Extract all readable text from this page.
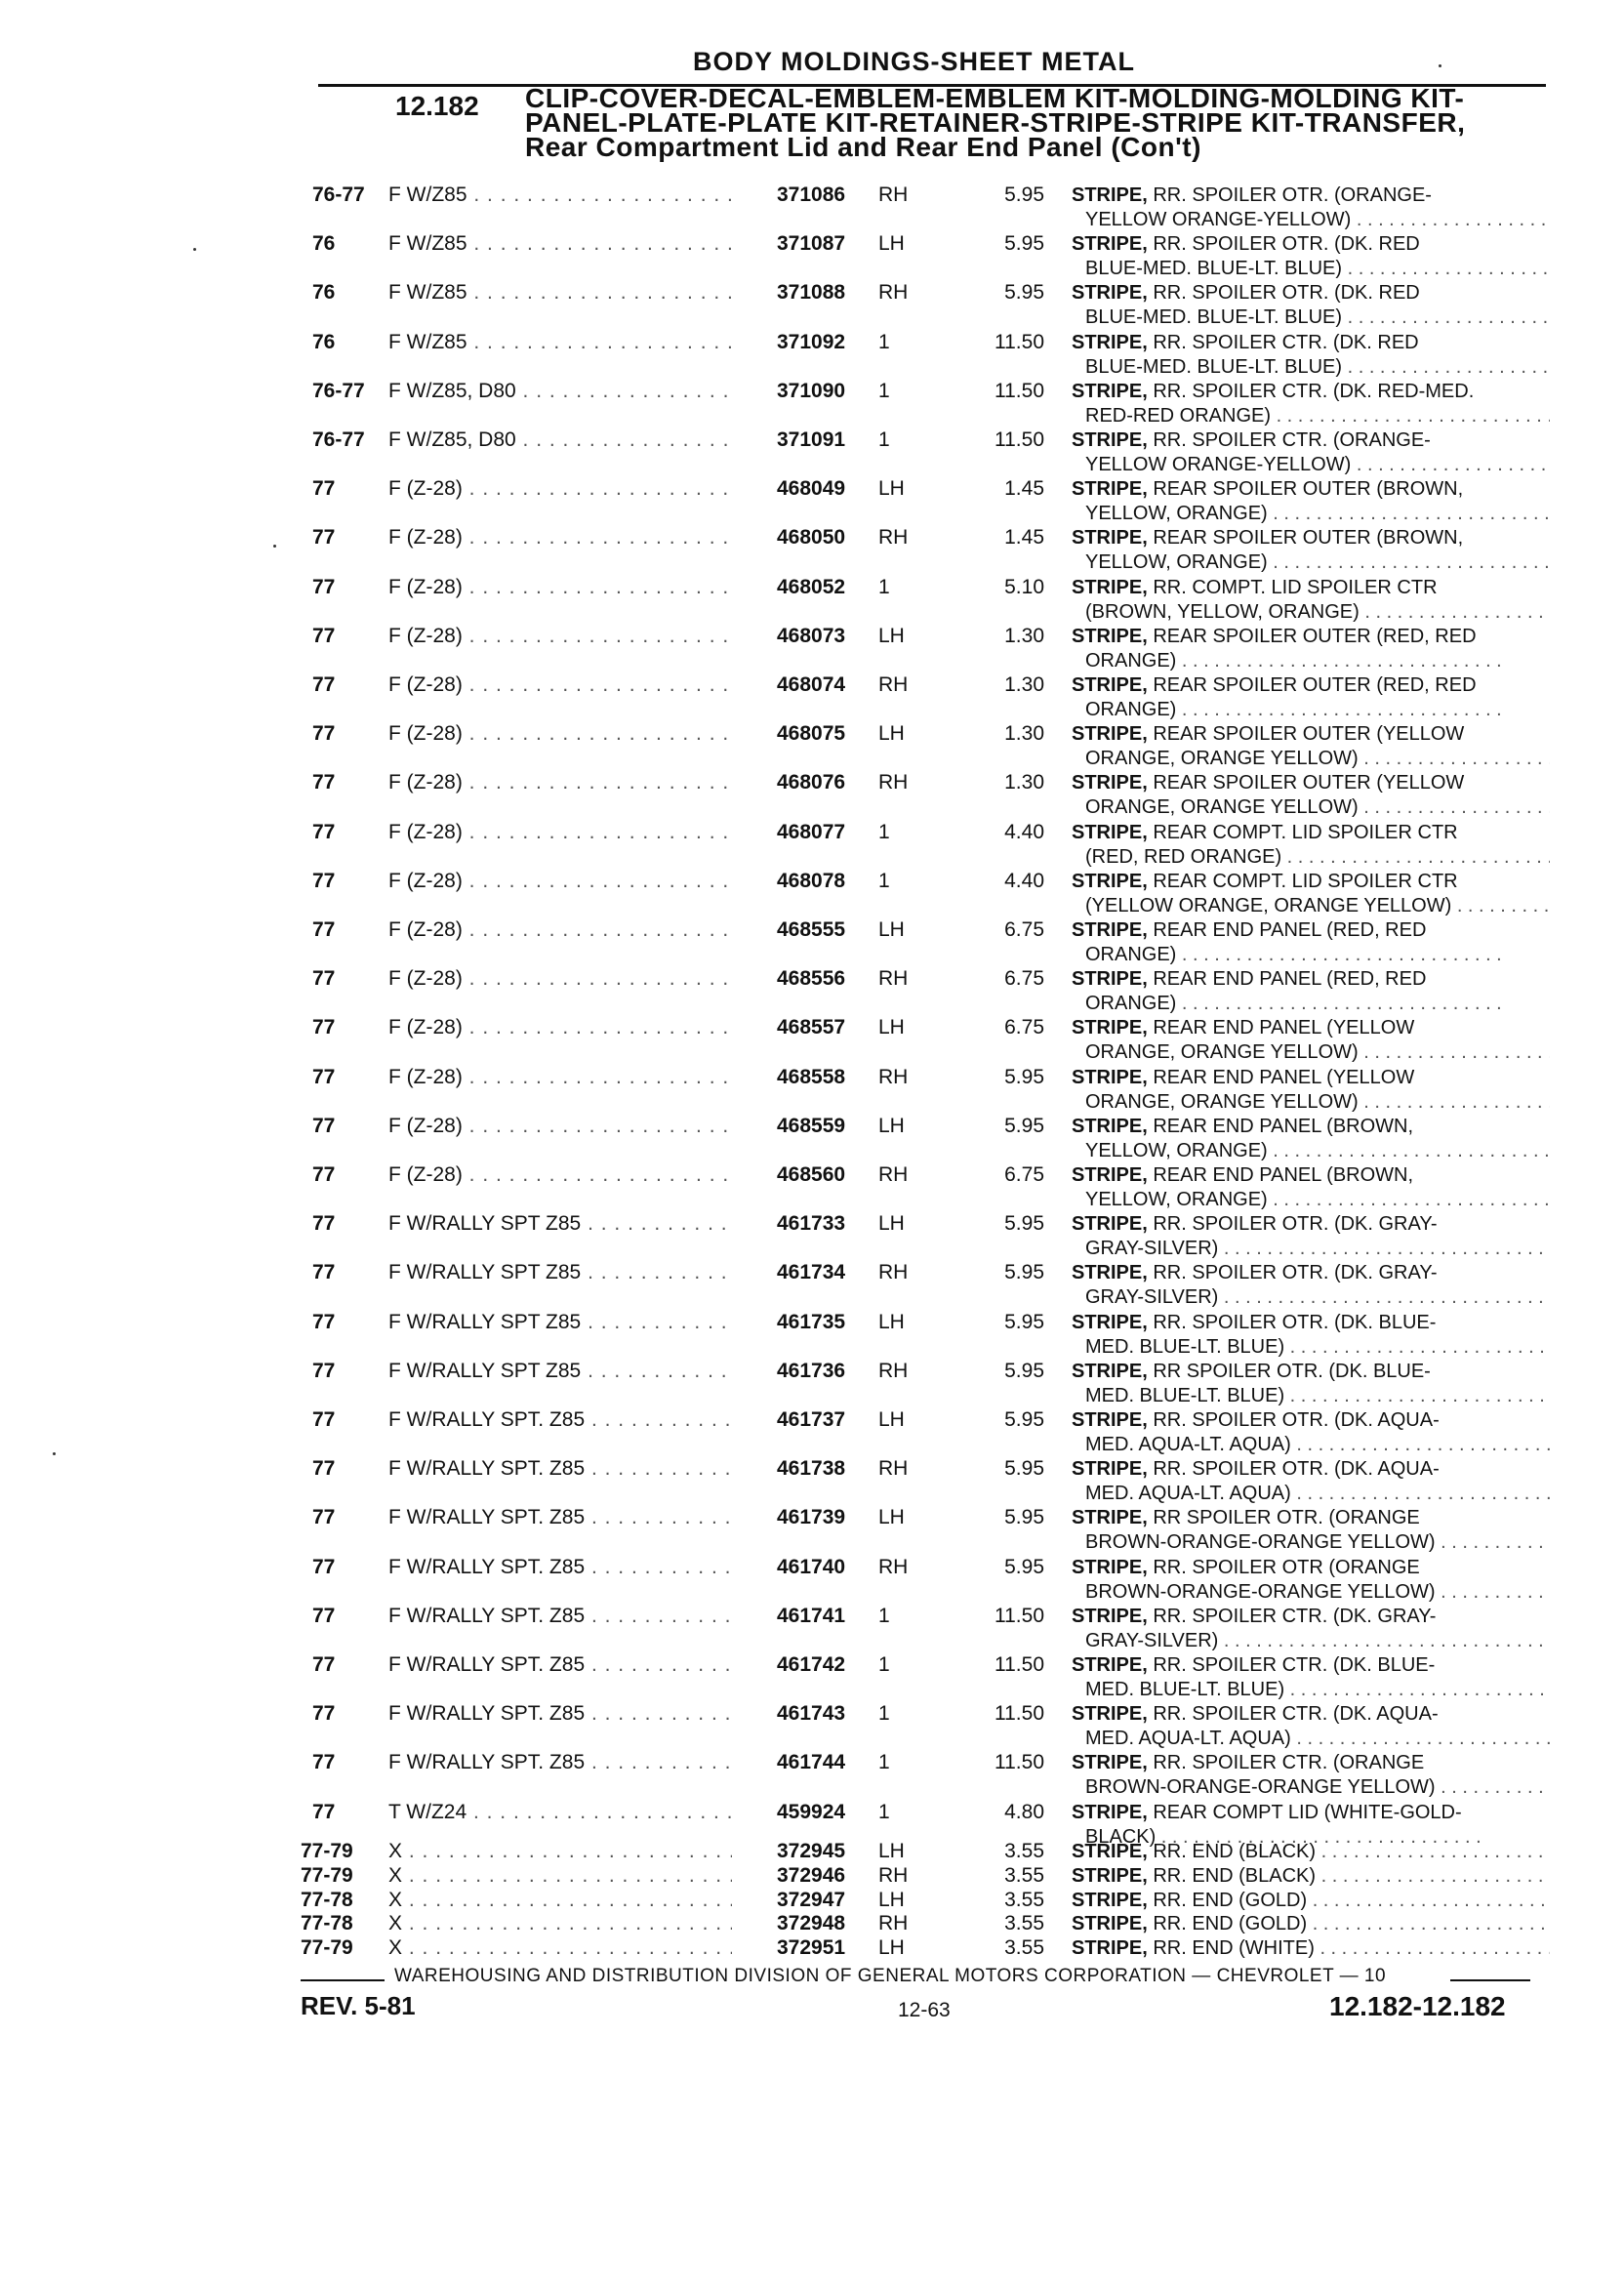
BODY MOLDINGS-SHEET METAL
12.182 CLIP-COVER-DECAL-EMBLEM-EMBLEM KIT-MOLDING-MOLDING KIT-
PANEL-PLATE-PLATE KIT-RETAINER-STRIPE-STRIPE KIT-TRANSFER,
Rear Compartment Lid and Rear End Panel (Con't)
76-77 F W/Z85 . . .	371086 RH	5.95 STRIPE, RR. SPOILER OTR. (ORANGE-
YELLOW ORANGE-YELLOW) . . .
76	F W/Z85 . . .	371087 LH	5.95 STRIPE, RR. SPOILER OTR. (DK. RED
BLUE-MED. BLUE-LT. BLUE) . . .
76	F W/Z85 . . .	371088 RH	5.95 STRIPE, RR. SPOILER OTR. (DK. RED
BLUE-MED. BLUE-LT. BLUE) . . .
76	F W/Z85 . . .	371092 1	11.50 STRIPE, RR. SPOILER CTR. (DK. RED
BLUE-MED. BLUE-LT. BLUE) . . .
76-77 F W/Z85, D80 . . .	371090 1	11.50 STRIPE, RR. SPOILER CTR. (DK. RED-MED.
RED-RED ORANGE) . . .
76-77 F W/Z85, D80 . . .	371091 1	11.50 STRIPE, RR. SPOILER CTR. (ORANGE-
YELLOW ORANGE-YELLOW) . . .
77	F (Z-28) . . .	468049 LH	1.45 STRIPE, REAR SPOILER OUTER (BROWN,
YELLOW, ORANGE) . . .
77	F (Z-28) . . .	468050 RH	1.45 STRIPE, REAR SPOILER OUTER (BROWN,
YELLOW, ORANGE) . . .
77	F (Z-28) . . .	468052 1	5.10 STRIPE, RR. COMPT. LID SPOILER CTR
(BROWN, YELLOW, ORANGE) . . .
77	F (Z-28) . . .	468073 LH	1.30 STRIPE, REAR SPOILER OUTER (RED, RED
ORANGE) . . .
77	F (Z-28) . . .	468074 RH	1.30 STRIPE, REAR SPOILER OUTER (RED, RED
ORANGE) . . .
77	F (Z-28) . . .	468075 LH	1.30 STRIPE, REAR SPOILER OUTER (YELLOW
ORANGE, ORANGE YELLOW) . . .
77	F (Z-28) . . .	468076 RH	1.30 STRIPE, REAR SPOILER OUTER (YELLOW
ORANGE, ORANGE YELLOW) . . .
77	F (Z-28) . . .	468077 1	4.40 STRIPE, REAR COMPT. LID SPOILER CTR
(RED, RED ORANGE) . . .
77	F (Z-28) . . .	468078 1	4.40 STRIPE, REAR COMPT. LID SPOILER CTR
(YELLOW ORANGE, ORANGE YELLOW) . . .
77	F (Z-28) . . .	468555 LH	6.75 STRIPE, REAR END PANEL (RED, RED
ORANGE) . . .
77	F (Z-28) . . .	468556 RH	6.75 STRIPE, REAR END PANEL (RED, RED
ORANGE) . . .
77	F (Z-28) . . .	468557 LH	6.75 STRIPE, REAR END PANEL (YELLOW
ORANGE, ORANGE YELLOW) . . .
77	F (Z-28) . . .	468558 RH	5.95 STRIPE, REAR END PANEL (YELLOW
ORANGE, ORANGE YELLOW) . . .
77	F (Z-28) . . .	468559 LH	5.95 STRIPE, REAR END PANEL (BROWN,
YELLOW, ORANGE) . . .
77	F (Z-28) . . .	468560 RH	6.75 STRIPE, REAR END PANEL (BROWN,
YELLOW, ORANGE) . . .
77	F W/RALLY SPT Z85 . . .	461733 LH	5.95 STRIPE, RR. SPOILER OTR. (DK. GRAY-
GRAY-SILVER) . . .
77	F W/RALLY SPT Z85 . . .	461734 RH	5.95 STRIPE, RR. SPOILER OTR. (DK. GRAY-
GRAY-SILVER) . . .
77	F W/RALLY SPT Z85 . . .	461735 LH	5.95 STRIPE, RR. SPOILER OTR. (DK. BLUE-
MED. BLUE-LT. BLUE) . . .
77	F W/RALLY SPT Z85 . . .	461736 RH	5.95 STRIPE, RR SPOILER OTR. (DK. BLUE-
MED. BLUE-LT. BLUE) . . .
77	F W/RALLY SPT. Z85 . . .	461737 LH	5.95 STRIPE, RR. SPOILER OTR. (DK. AQUA-
MED. AQUA-LT. AQUA) . . .
77	F W/RALLY SPT. Z85 . . .	461738 RH	5.95 STRIPE, RR. SPOILER OTR. (DK. AQUA-
MED. AQUA-LT. AQUA) . . .
77	F W/RALLY SPT. Z85 . . .	461739 LH	5.95 STRIPE, RR SPOILER OTR. (ORANGE
BROWN-ORANGE-ORANGE YELLOW) . . .
77	F W/RALLY SPT. Z85 . . .	461740 RH	5.95 STRIPE, RR. SPOILER OTR (ORANGE
BROWN-ORANGE-ORANGE YELLOW) . . .
77	F W/RALLY SPT. Z85 . . .	461741 1	11.50 STRIPE, RR. SPOILER CTR. (DK. GRAY-
GRAY-SILVER) . . .
77	F W/RALLY SPT. Z85 . . .	461742 1	11.50 STRIPE, RR. SPOILER CTR. (DK. BLUE-
MED. BLUE-LT. BLUE) . . .
77	F W/RALLY SPT. Z85 . . .	461743 1	11.50 STRIPE, RR. SPOILER CTR. (DK. AQUA-
MED. AQUA-LT. AQUA) . . .
77	F W/RALLY SPT. Z85 . . .	461744 1	11.50 STRIPE, RR. SPOILER CTR. (ORANGE
BROWN-ORANGE-ORANGE YELLOW) . . .
77	T W/Z24 . . .	459924 1	4.80 STRIPE, REAR COMPT LID (WHITE-GOLD-
BLACK) . . .
77-79 X . . .	372945 LH	3.55 STRIPE, RR. END (BLACK) . . .
77-79 X . . .	372946 RH	3.55 STRIPE, RR. END (BLACK) . . .
77-78 X . . .	372947 LH	3.55 STRIPE, RR. END (GOLD) . . .
77-78 X . . .	372948 RH	3.55 STRIPE, RR. END (GOLD) . . .
77-79 X . . .	372951 LH	3.55 STRIPE, RR. END (WHITE) . . .
WAREHOUSING AND DISTRIBUTION DIVISION OF GENERAL MOTORS CORPORATION — CHEVROLET — 10
REV. 5-81	12-63	12.182-12.182
